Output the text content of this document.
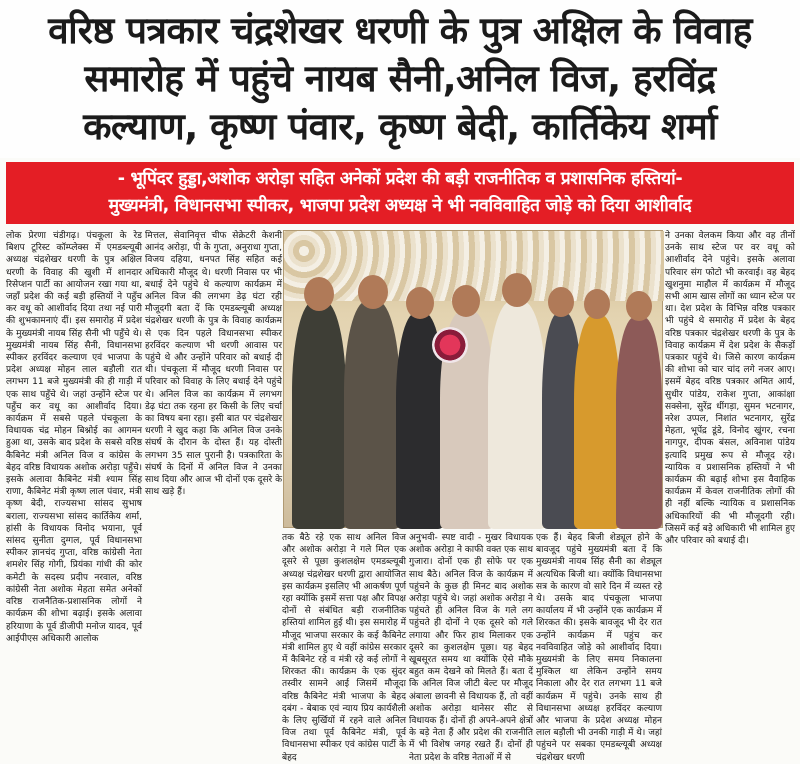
वरिष्ठ पत्रकार चंद्रशेखर धरणी के पुत्र अक्षिल के विवाह
समारोह में पहुंचे नायब सैनी,अनिल विज, हरविंद्र
कल्याण, कृष्ण पंवार, कृष्ण बेदी, कार्तिकेय शर्मा
- भूपिंदर हुड्डा,अशोक अरोड़ा सहित अनेकों प्रदेश की बड़ी राजनीतिक व प्रशासनिक हस्तियां-
मुख्यमंत्री, विधानसभा स्पीकर, भाजपा प्रदेश अध्यक्ष ने भी नवविवाहित जोड़े को दिया आशीर्वाद

लोक प्रेरणा चंडीगढ़। पंचकूला के रेड बिशप टूरिस्ट कॉम्प्लेक्स में एमडब्ल्यूबी अध्यक्ष चंद्रशेखर धरणी के पुत्र अक्षिल धरणी के विवाह की खुशी में शानदार रिसेप्शन पार्टी का आयोजन रखा गया था, जहाँ प्रदेश की कई बड़ी हस्तियों ने पहुँच कर वधू को आशीर्वाद दिया तथा नई पारी की शुभकामनाएं दीं। इस समारोह में प्रदेश के मुख्यमंत्री नायब सिंह सैनी भी पहुँचे थे। मुख्यमंत्री नायब सिंह सैनी, विधानसभा स्पीकर हरविंदर कल्याण एवं भाजपा के प्रदेश अध्यक्ष मोहन लाल बड़ौली रात लगभग 11 बजे मुख्यमंत्री की ही गाड़ी में एक साथ पहुँचे थे। जहां उन्होंने स्टेज पर पहुँच कर वधू का आशीर्वाद दिया। कार्यक्रम में सबसे पहले पंचकूला के विधायक चंद्र मोहन बिश्नोई का आगमन हुआ था, उसके बाद प्रदेश के सबसे वरिष्ठ कैबिनेट मंत्री अनिल विज व कांग्रेस के बेहद वरिष्ठ विधायक अशोक अरोड़ा पहुँचे। इसके अलावा कैबिनेट मंत्री श्याम सिंह राणा, कैबिनेट मंत्री कृष्ण लाल पंवार, मंत्री कृष्ण बेदी, राज्यसभा सांसद सुभाष बराला, राज्यसभा सांसद कार्तिकेय शर्मा, हांसी के विधायक विनोद भयाना, पूर्व सांसद सुनीता दुग्गल, पूर्व विधानसभा स्पीकर ज्ञानचंद गुप्ता, वरिष्ठ कांग्रेसी नेता शमशेर सिंह गोगी, प्रियंका गांधी की कोर कमेटी के सदस्य प्रदीप नरवाल, वरिष्ठ कांग्रेसी नेता अशोक मेहता समेत अनेकों वरिष्ठ राजनैतिक-प्रशासनिक लोगों ने कार्यक्रम की शोभा बढ़ाई। इसके अलावा हरियाणा के पूर्व डीजीपी मनोज यादव, पूर्व आईपीएस अधिकारी आलोक

मित्तल, सेवानिवृत्त चीफ सेक्रेटरी केशनी आनंद अरोड़ा, पी के गुप्ता, अनुराधा गुप्ता, विजय दहिया, धनपत सिंह सहित कई अधिकारी मौजूद थे। धरणी निवास पर भी बधाई देने पहुंचे थे कल्याण कार्यक्रम में अनिल विज की लगभग डेढ़ घंटा रही मौजूदगी बता दें कि एमडब्ल्यूबी अध्यक्ष चंद्रशेखर धरणी के पुत्र के विवाह कार्यक्रम से एक दिन पहले विधानसभा स्पीकर हरविंदर कल्याण भी धरणी आवास पर पहुंचे थे और उन्होंने परिवार को बधाई दी थी। पंचकूला में मौजूद धरणी निवास पर परिवार को विवाह के लिए बधाई देने पहुंचे थे। अनिल विज का कार्यक्रम में लगभग डेढ़ घंटा तक रहना हर किसी के लिए चर्चा का विषय बना रहा। इसी बात पर चंद्रशेखर धरणी ने खुद कहा कि अनिल विज उनके संघर्ष के दौरान के दोस्त हैं। यह दोस्ती लगभग 35 साल पुरानी है। पत्रकारिता के संघर्ष के दिनों में अनिल विज ने उनका साथ दिया और आज भी दोनों एक दूसरे के साथ खड़े हैं।

तक बैठे रहे एक साथ अनिल विज और अशोक अरोड़ा ने गले मिल एक दूसरे से पूछा कुशलक्षेम एमडब्ल्यूबी अध्यक्ष चंद्रशेखर धरणी द्वारा आयोजित इस कार्यक्रम इसलिए भी आकर्षण पूर्ण रहा क्योंकि इसमें सत्ता पक्ष और विपक्ष दोनों से संबंधित बड़ी राजनीतिक हस्तियां शामिल हुई थी। इस समारोह में मौजूद भाजपा सरकार के कई कैबिनेट मंत्री शामिल हुए थे वहीं कांग्रेस सरकार में कैबिनेट रहे व मंत्री रहे कई लोगों ने शिरकत की। कार्यक्रम के एक सुंदर तस्वीर सामने आई जिसमें मौजूदा वरिष्ठ कैबिनेट मंत्री भाजपा के बेहद दबंग - बेबाक एवं न्याय प्रिय कार्यशैली के लिए सुर्खियों में रहने वाले अनिल विज तथा पूर्व कैबिनेट मंत्री, पूर्व विधानसभा स्पीकर एवं कांग्रेस पार्टी के बेहद

अनुभवी- स्पष्ट वादी - मुखर विधायक अशोक अरोड़ा ने काफी वक्त एक साथ गुजारा। दोनों एक ही सोफे पर एक साथ बैठे। अनिल विज के कार्यक्रम में पहुंचने के कुछ ही मिनट बाद अशोक अरोड़ा पहुंचे थे। जहां अशोक अरोड़ा ने पहुंचते ही अनिल विज के गले लग पहुंचते ही दोनों ने एक दूसरे को गले लगाया और फिर हाथ मिलाकर एक दूसरे का कुशलक्षेम पूछा। यह बेहद खूबसूरत समय था क्योंकि ऐसे मौके बहुत कम देखने को मिलते हैं। बता दें कि अनिल विज जीटी बेल्ट पर मौजूद अंबाला छावनी से विधायक हैं, तो वहीं अशोक अरोड़ा थानेसर सीट से विधायक हैं। दोनों ही अपने-अपने क्षेत्रों के बड़े नेता हैं और प्रदेश की राजनीति में भी विशेष जगह रखते हैं। दोनों ही नेता प्रदेश के वरिष्ठ नेताओं में से

एक हैं। बेहद बिजी शेड्यूल होने के बावजूद पहुंचे मुख्यमंत्री बता दें कि मुख्यमंत्री नायब सिंह सैनी का शेड्यूल अत्यधिक बिजी था। क्योंकि विधानसभा सत्र के कारण वो सारे दिन में व्यस्त रहे थे। उसके बाद पंचकूला भाजपा कार्यालय में भी उन्होंने एक कार्यक्रम में शिरकत की। इसके बावजूद भी देर रात उन्होंने कार्यक्रम में पहुंच कर नवविवाहित जोड़े को आशीर्वाद दिया। मुख्यमंत्री के लिए समय निकालना मुश्किल था लेकिन उन्होंने समय निकाला और देर रात लगभग 11 बजे कार्यक्रम में पहुंचे। उनके साथ ही विधानसभा अध्यक्ष हरविंदर कल्याण और भाजपा के प्रदेश अध्यक्ष मोहन लाल बड़ौली भी उनकी गाड़ी में थे। जहां पहुंचने पर सबका एमडब्ल्यूबी अध्यक्ष चंद्रशेखर धरणी

ने उनका वेलकम किया और वह तीनों उनके साथ स्टेज पर वर वधू को आशीर्वाद देने पहुंचे। इसके अलावा परिवार संग फोटो भी करवाई। वह बेहद खुशनुमा माहौल में कार्यक्रम में मौजूद सभी आम खास लोगों का ध्यान स्टेज पर था। देश प्रदेश के विभिन्न वरिष्ठ पत्रकार भी पहुंचे थे समारोह में प्रदेश के बेहद वरिष्ठ पत्रकार चंद्रशेखर धरणी के पुत्र के विवाह कार्यक्रम में देश प्रदेश के सैकड़ों पत्रकार पहुंचे थे। जिसे कारण कार्यक्रम की शोभा को चार चांद लगे नजर आए। इसमें बेहद वरिष्ठ पत्रकार अमित आर्य, सुधीर पांडेय, राकेश गुप्ता, आकांक्षा सक्सेना, सुरेंद्र धींगड़ा, सुमन भटनागर, नरेश उप्पल, निशांत भटनागर, सुरेंद्र मेहता, भूपेंद्र डूंडे, विनोद खुंगर, रचना नागपुर, दीपक बंसल, अविनाश पांडेय इत्यादि प्रमुख रूप से मौजूद रहे। न्यायिक व प्रशासनिक हस्तियों ने भी कार्यक्रम की बढ़ाई शोभा इस वैवाहिक कार्यक्रम में केवल राजनीतिक लोगों की ही नहीं बल्कि न्यायिक व प्रशासनिक अधिकारियों की भी मौजूदगी रही। जिसमें कई बड़े अधिकारी भी शामिल हुए और परिवार को बधाई दी।
